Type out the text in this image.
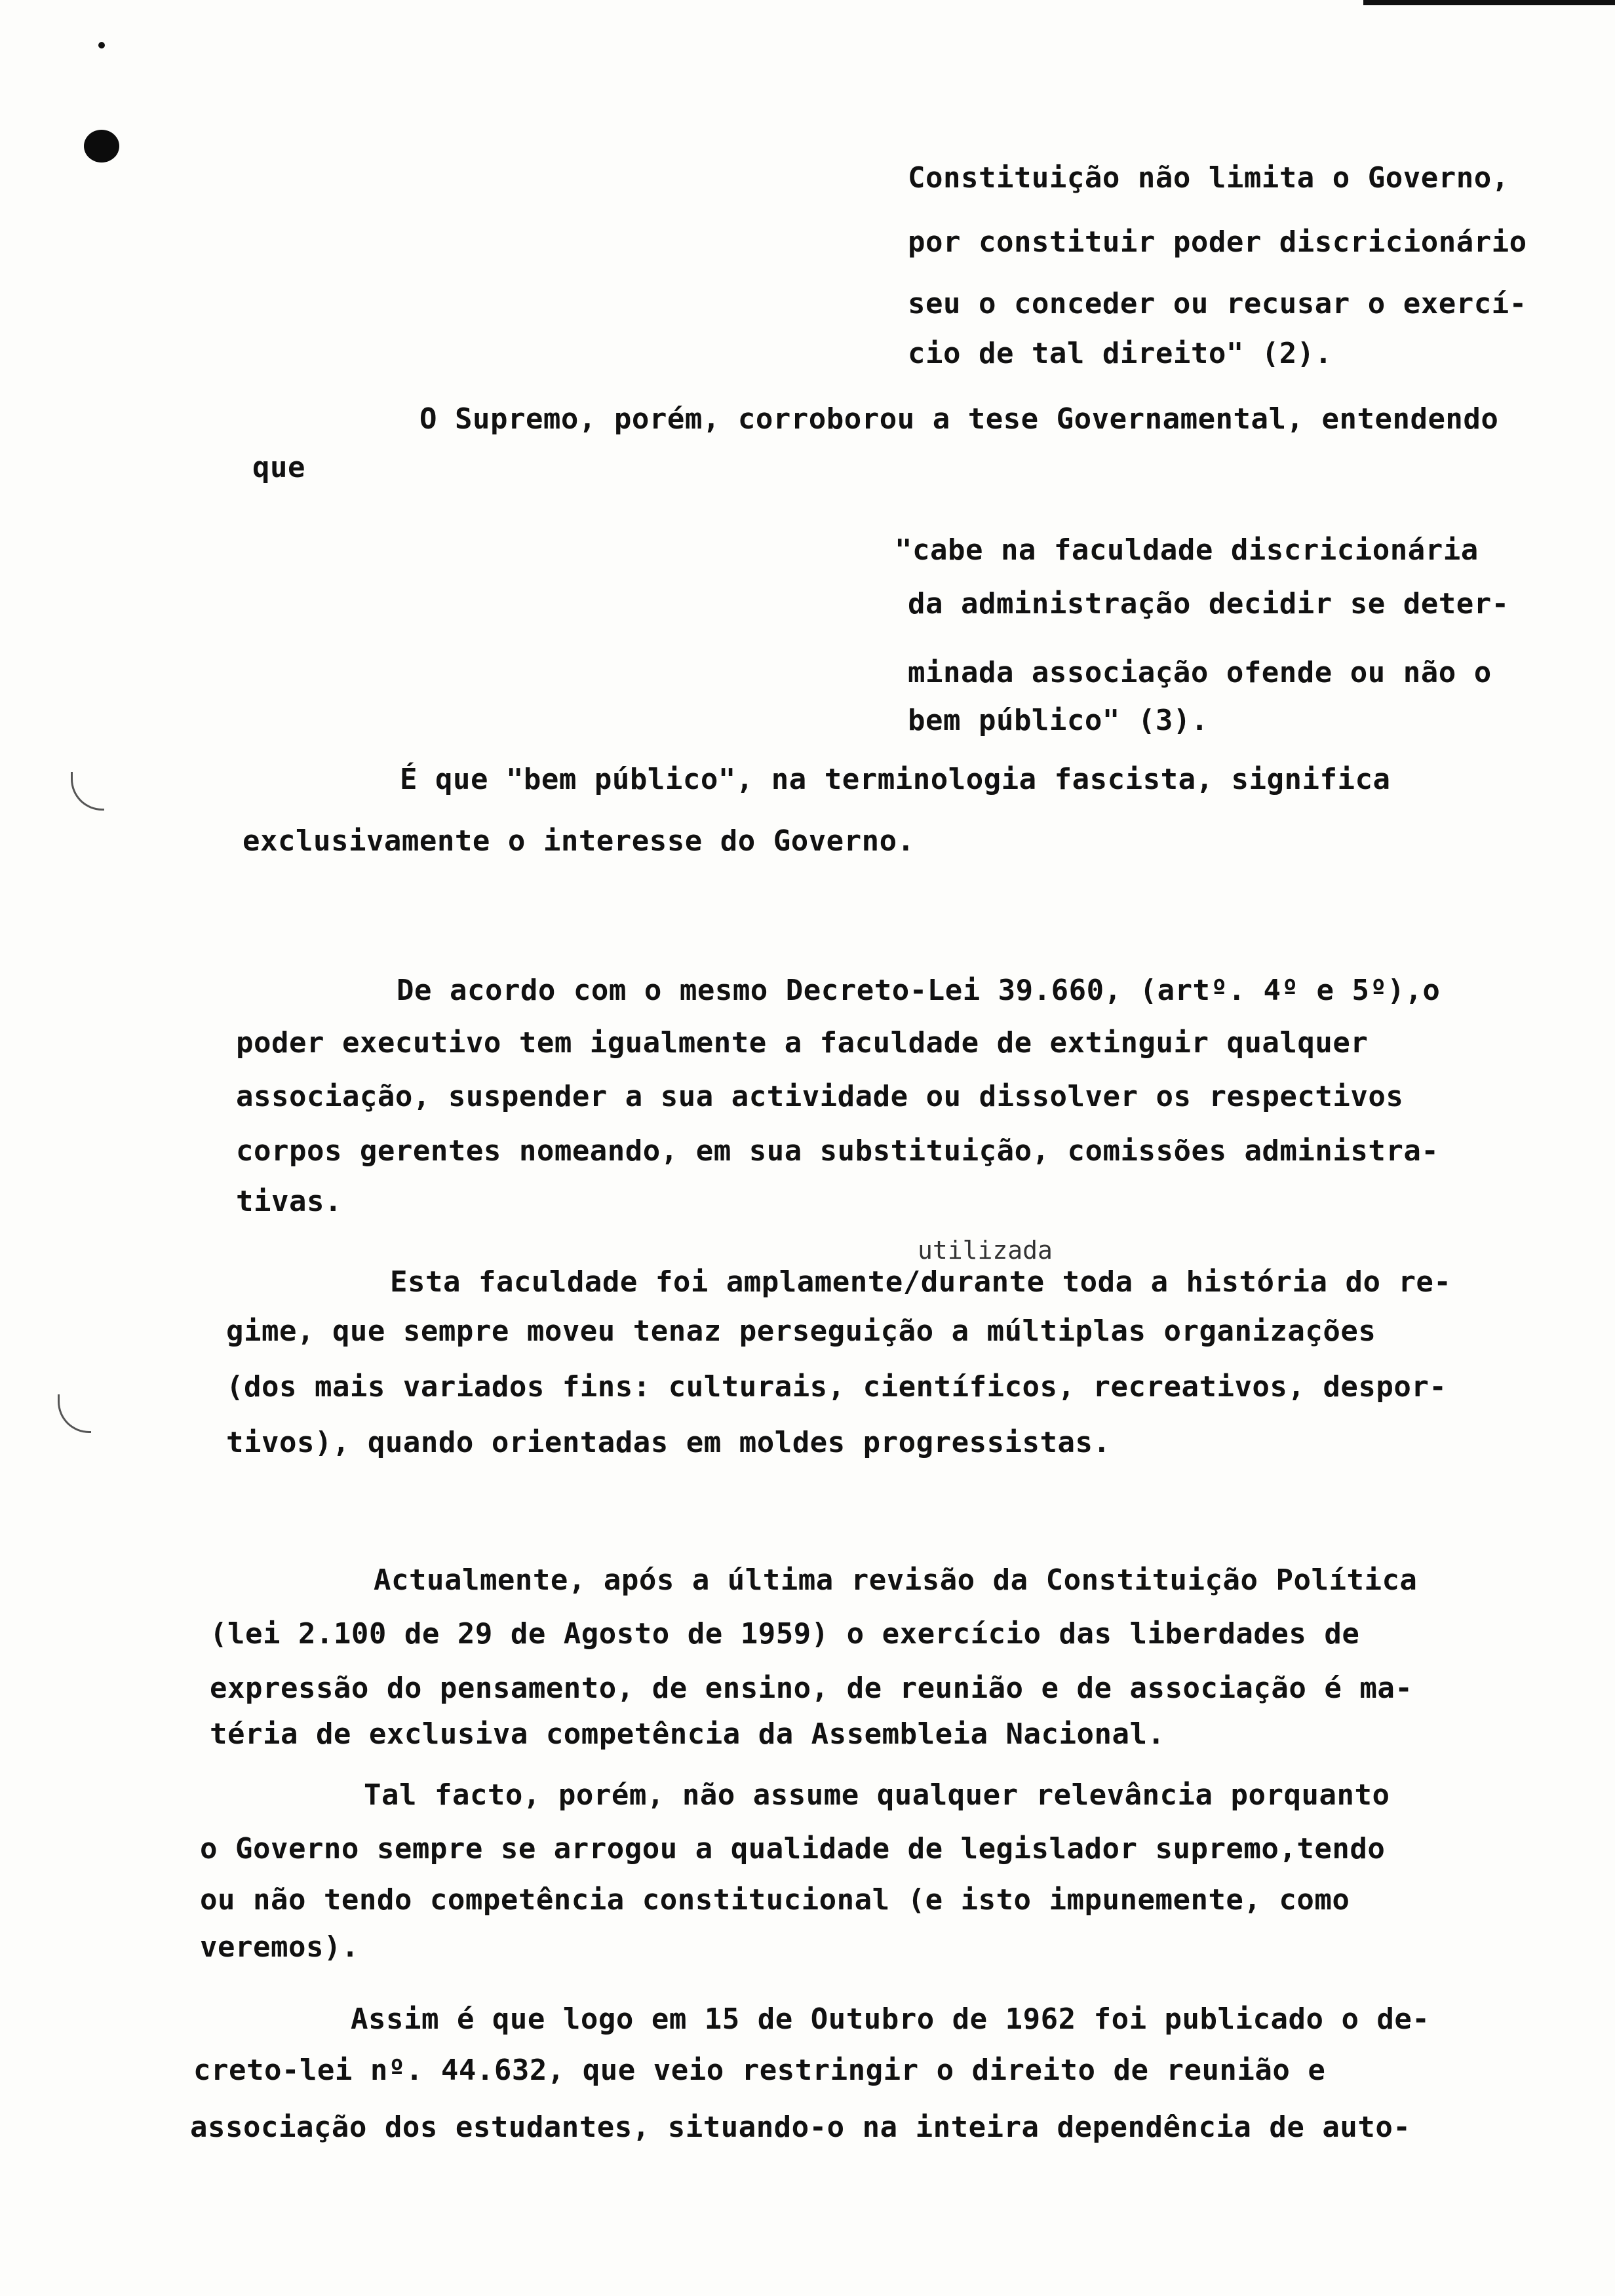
Constituição não limita o Governo,
por constituir poder discricionário
seu o conceder ou recusar o exercí-
cio de tal direito" (2).
O Supremo, porém, corroborou a tese Governamental, entendendo
que
"cabe na faculdade discricionária
da administração decidir se deter-
minada associação ofende ou não o
bem público" (3).
É que "bem público", na terminologia fascista, significa
exclusivamente o interesse do Governo.
De acordo com o mesmo Decreto-Lei 39.660, (artº. 4º e 5º),o
poder executivo tem igualmente a faculdade de extinguir qualquer
associação, suspender a sua actividade ou dissolver os respectivos
corpos gerentes nomeando, em sua substituição, comissões administra-
tivas.
utilizada
Esta faculdade foi amplamente/durante toda a história do re-
gime, que sempre moveu tenaz perseguição a múltiplas organizações
(dos mais variados fins: culturais, científicos, recreativos, despor-
tivos), quando orientadas em moldes progressistas.
Actualmente, após a última revisão da Constituição Política
(lei 2.100 de 29 de Agosto de 1959) o exercício das liberdades de
expressão do pensamento, de ensino, de reunião e de associação é ma-
téria de exclusiva competência da Assembleia Nacional.
Tal facto, porém, não assume qualquer relevância porquanto
o Governo sempre se arrogou a qualidade de legislador supremo,tendo
ou não tendo competência constitucional (e isto impunemente, como
veremos).
Assim é que logo em 15 de Outubro de 1962 foi publicado o de-
creto-lei nº. 44.632, que veio restringir o direito de reunião e
associação dos estudantes, situando-o na inteira dependência de auto-
